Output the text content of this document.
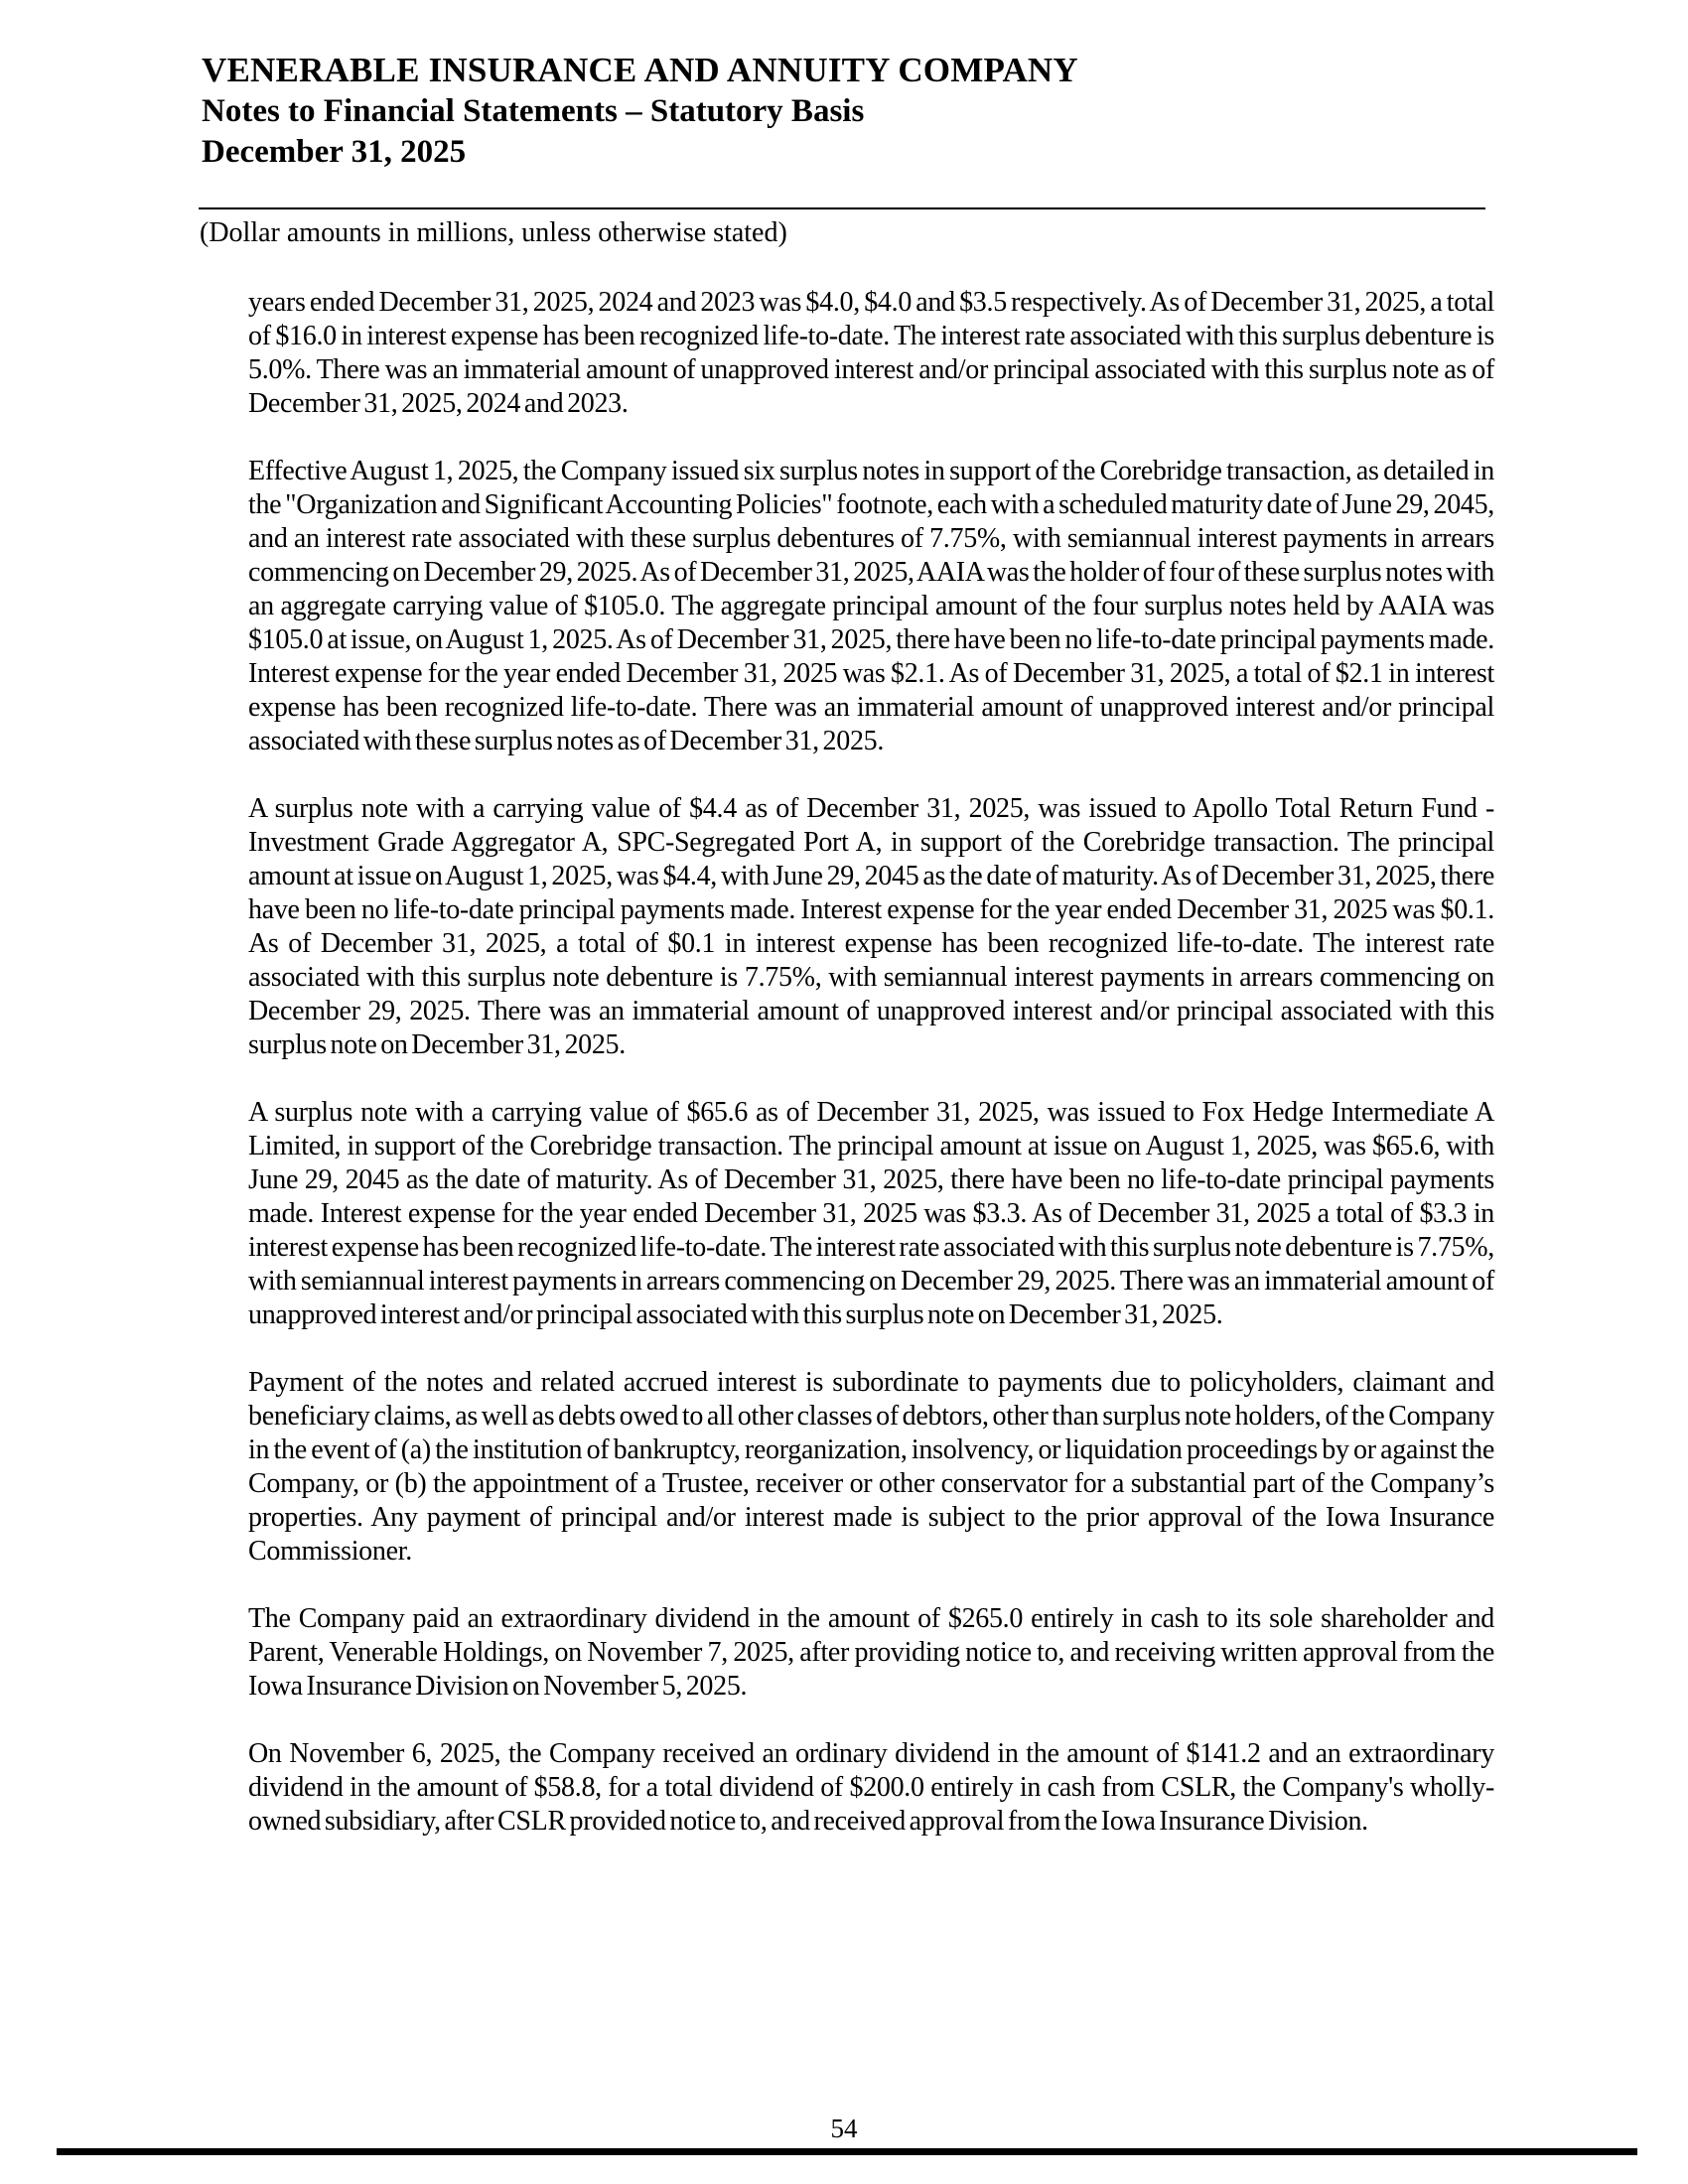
VENERABLE INSURANCE AND ANNUITY COMPANY
Notes to Financial Statements – Statutory Basis
December 31, 2025
(Dollar amounts in millions, unless otherwise stated)

years ended December 31, 2025, 2024 and 2023 was $4.0, $4.0 and $3.5 respectively. As of December 31, 2025, a total of $16.0 in interest expense has been recognized life-to-date. The interest rate associated with this surplus debenture is 5.0%. There was an immaterial amount of unapproved interest and/or principal associated with this surplus note as of December 31, 2025, 2024 and 2023.

Effective August 1, 2025, the Company issued six surplus notes in support of the Corebridge transaction, as detailed in the "Organization and Significant Accounting Policies" footnote, each with a scheduled maturity date of June 29, 2045, and an interest rate associated with these surplus debentures of 7.75%, with semiannual interest payments in arrears commencing on December 29, 2025. As of December 31, 2025, AAIA was the holder of four of these surplus notes with an aggregate carrying value of $105.0. The aggregate principal amount of the four surplus notes held by AAIA was $105.0 at issue, on August 1, 2025. As of December 31, 2025, there have been no life-to-date principal payments made. Interest expense for the year ended December 31, 2025 was $2.1. As of December 31, 2025, a total of $2.1 in interest expense has been recognized life-to-date. There was an immaterial amount of unapproved interest and/or principal associated with these surplus notes as of December 31, 2025.

A surplus note with a carrying value of $4.4 as of December 31, 2025, was issued to Apollo Total Return Fund - Investment Grade Aggregator A, SPC-Segregated Port A, in support of the Corebridge transaction. The principal amount at issue on August 1, 2025, was $4.4, with June 29, 2045 as the date of maturity. As of December 31, 2025, there have been no life-to-date principal payments made. Interest expense for the year ended December 31, 2025 was $0.1. As of December 31, 2025, a total of $0.1 in interest expense has been recognized life-to-date. The interest rate associated with this surplus note debenture is 7.75%, with semiannual interest payments in arrears commencing on December 29, 2025. There was an immaterial amount of unapproved interest and/or principal associated with this surplus note on December 31, 2025.

A surplus note with a carrying value of $65.6 as of December 31, 2025, was issued to Fox Hedge Intermediate A Limited, in support of the Corebridge transaction. The principal amount at issue on August 1, 2025, was $65.6, with June 29, 2045 as the date of maturity. As of December 31, 2025, there have been no life-to-date principal payments made. Interest expense for the year ended December 31, 2025 was $3.3. As of December 31, 2025 a total of $3.3 in interest expense has been recognized life-to-date. The interest rate associated with this surplus note debenture is 7.75%, with semiannual interest payments in arrears commencing on December 29, 2025. There was an immaterial amount of unapproved interest and/or principal associated with this surplus note on December 31, 2025.

Payment of the notes and related accrued interest is subordinate to payments due to policyholders, claimant and beneficiary claims, as well as debts owed to all other classes of debtors, other than surplus note holders, of the Company in the event of (a) the institution of bankruptcy, reorganization, insolvency, or liquidation proceedings by or against the Company, or (b) the appointment of a Trustee, receiver or other conservator for a substantial part of the Company’s properties. Any payment of principal and/or interest made is subject to the prior approval of the Iowa Insurance Commissioner.

The Company paid an extraordinary dividend in the amount of $265.0 entirely in cash to its sole shareholder and Parent, Venerable Holdings, on November 7, 2025, after providing notice to, and receiving written approval from the Iowa Insurance Division on November 5, 2025.

On November 6, 2025, the Company received an ordinary dividend in the amount of $141.2 and an extraordinary dividend in the amount of $58.8, for a total dividend of $200.0 entirely in cash from CSLR, the Company's wholly-owned subsidiary, after CSLR provided notice to, and received approval from the Iowa Insurance Division.

54
